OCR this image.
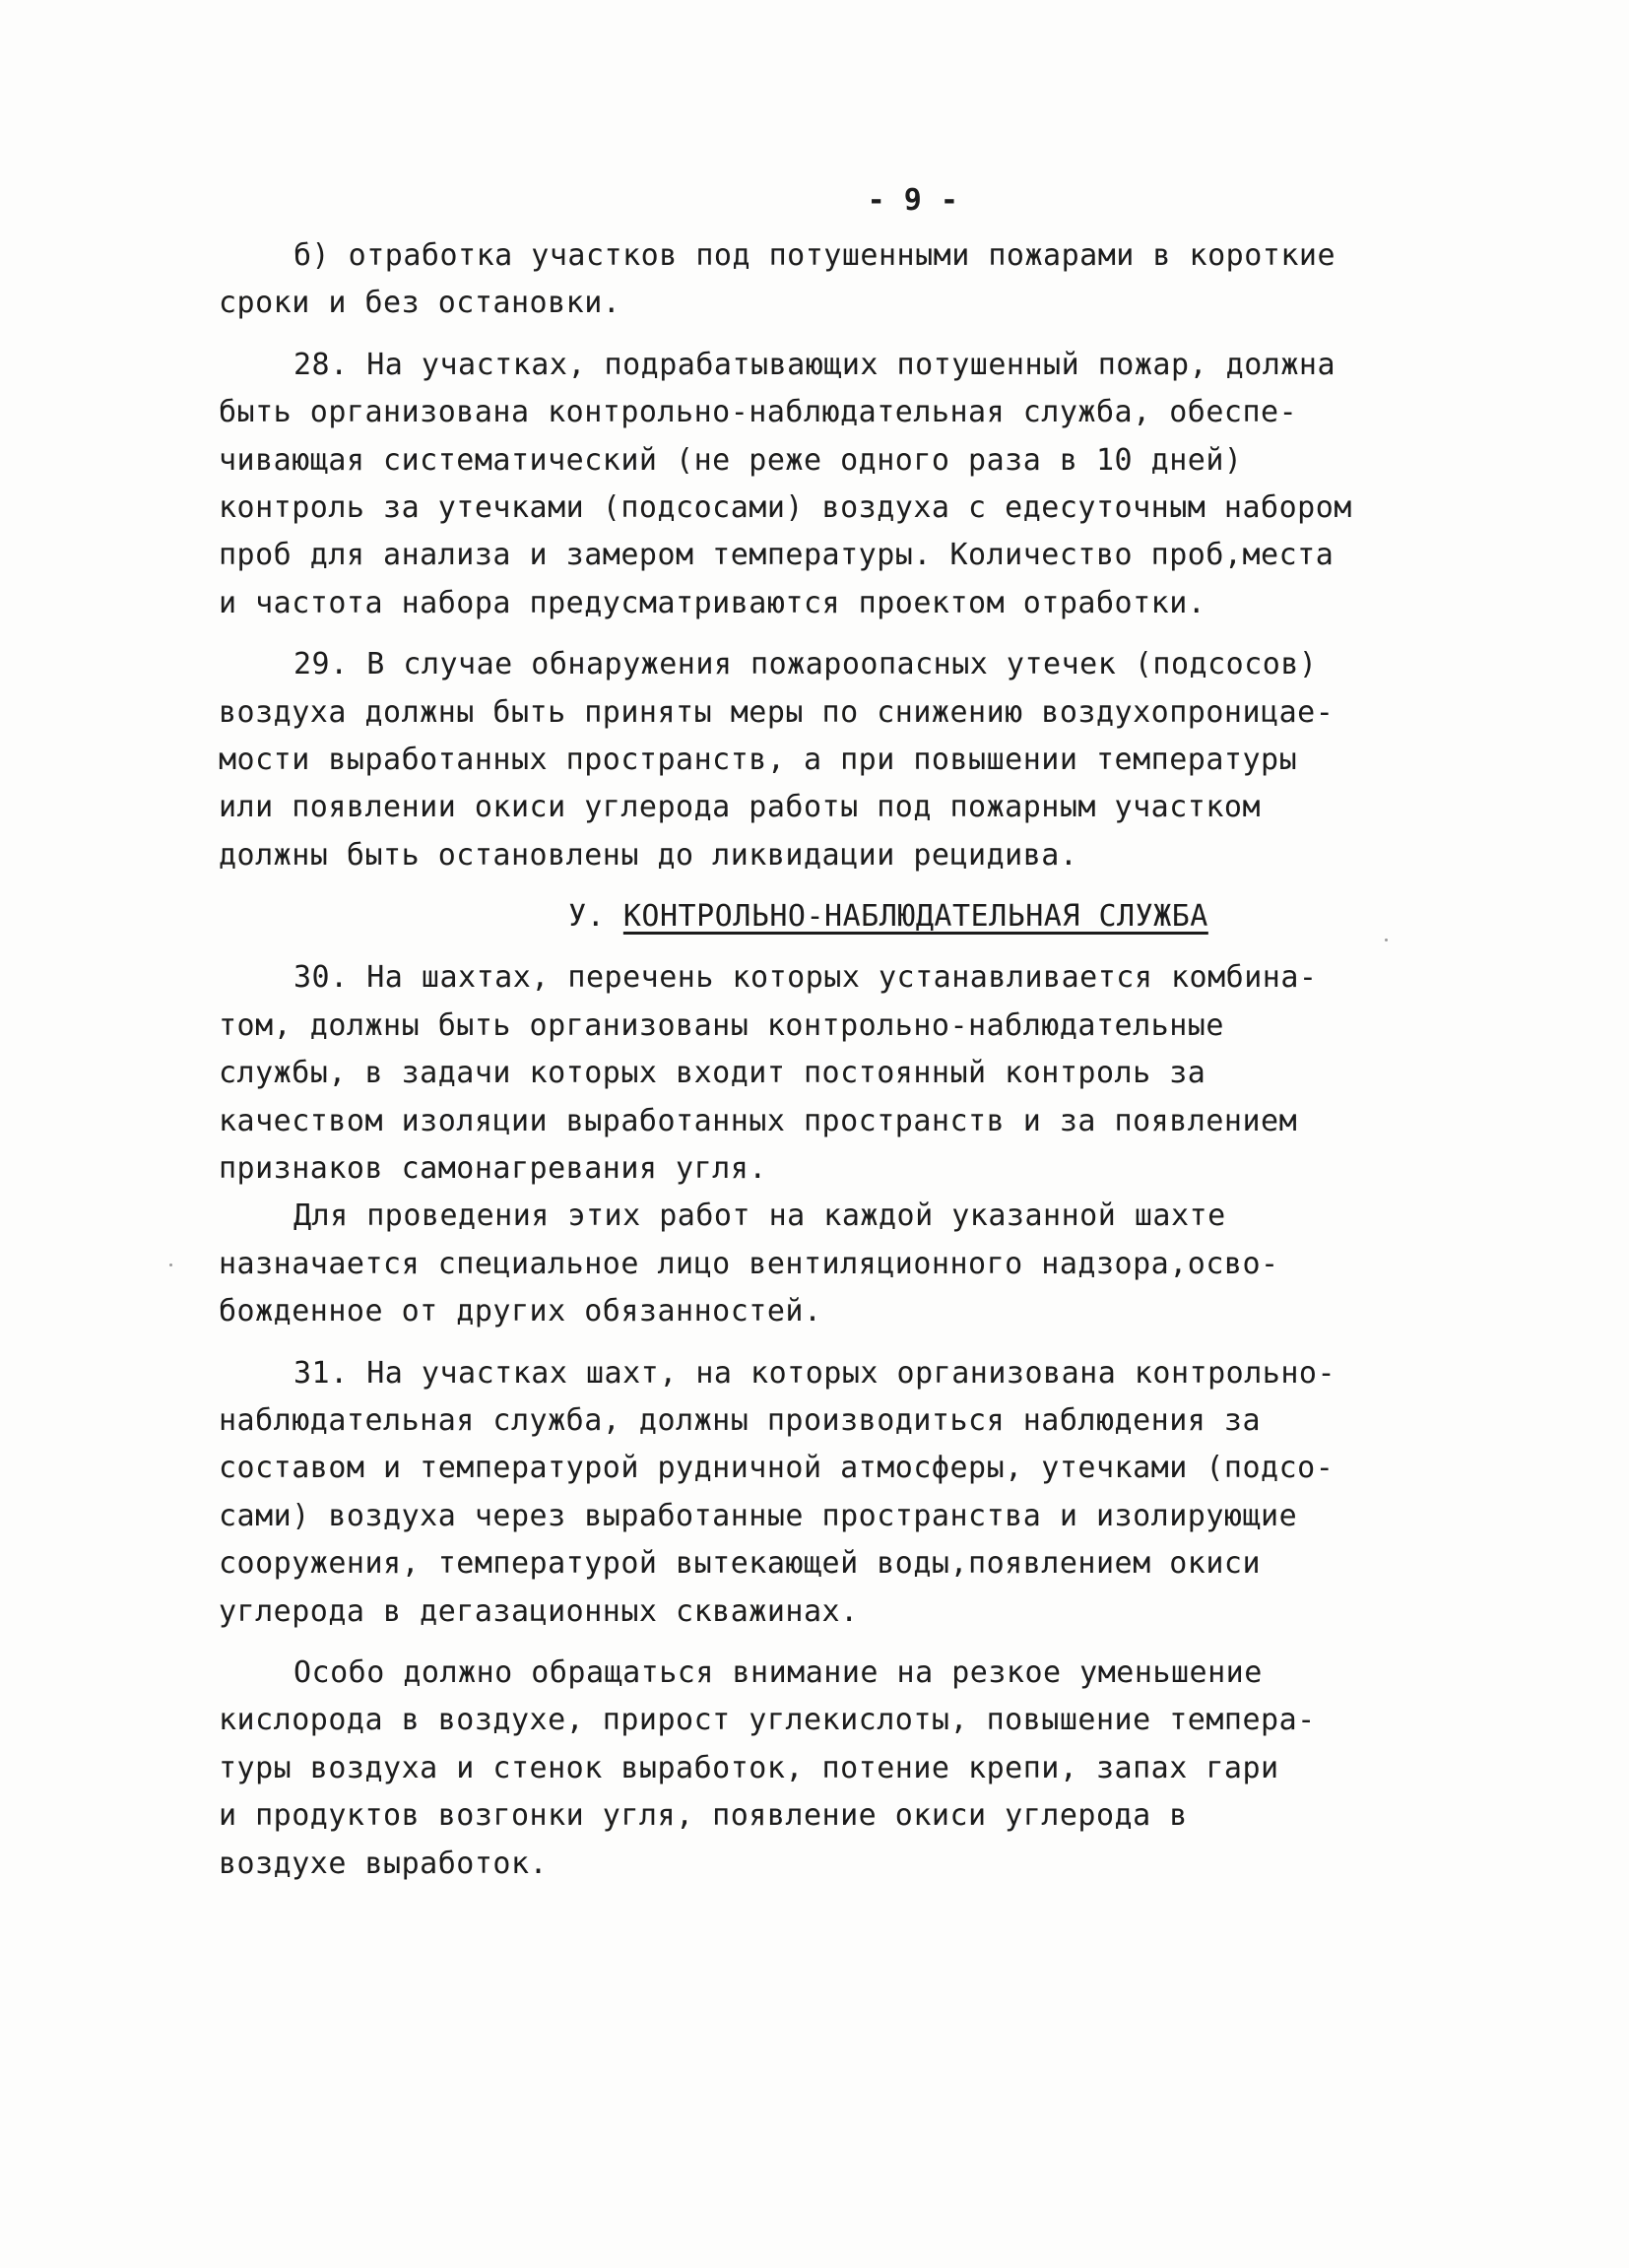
- 9 -
б) отработка участков под потушенными пожарами в короткие
сроки и без остановки.
28. На участках, подрабатывающих потушенный пожар, должна
быть организована контрольно-наблюдательная служба, обеспе-
чивающая систематический (не реже одного раза в 10 дней)
контроль за утечками (подсосами) воздуха с едесуточным набором
проб для анализа и замером температуры. Количество проб,места
и частота набора предусматриваются проектом отработки.
29. В случае обнаружения пожароопасных утечек (подсосов)
воздуха должны быть приняты меры по снижению воздухопроницае-
мости выработанных пространств, а при повышении температуры
или появлении окиси углерода работы под пожарным участком
должны быть остановлены до ликвидации рецидива.
У. КОНТРОЛЬНО-НАБЛЮДАТЕЛЬНАЯ СЛУЖБА
30. На шахтах, перечень которых устанавливается комбина-
том, должны быть организованы контрольно-наблюдательные
службы, в задачи которых входит постоянный контроль за
качеством изоляции выработанных пространств и за появлением
признаков самонагревания угля.
Для проведения этих работ на каждой указанной шахте
назначается специальное лицо вентиляционного надзора,осво-
божденное от других обязанностей.
31. На участках шахт, на которых организована контрольно-
наблюдательная служба, должны производиться наблюдения за
составом и температурой рудничной атмосферы, утечками (подсо-
сами) воздуха через выработанные пространства и изолирующие
сооружения, температурой вытекающей воды,появлением окиси
углерода в дегазационных скважинах.
Особо должно обращаться внимание на резкое уменьшение
кислорода в воздухе, прирост углекислоты, повышение темпера-
туры воздуха и стенок выработок, потение крепи, запах гари
и продуктов возгонки угля, появление окиси углерода в
воздухе выработок.
